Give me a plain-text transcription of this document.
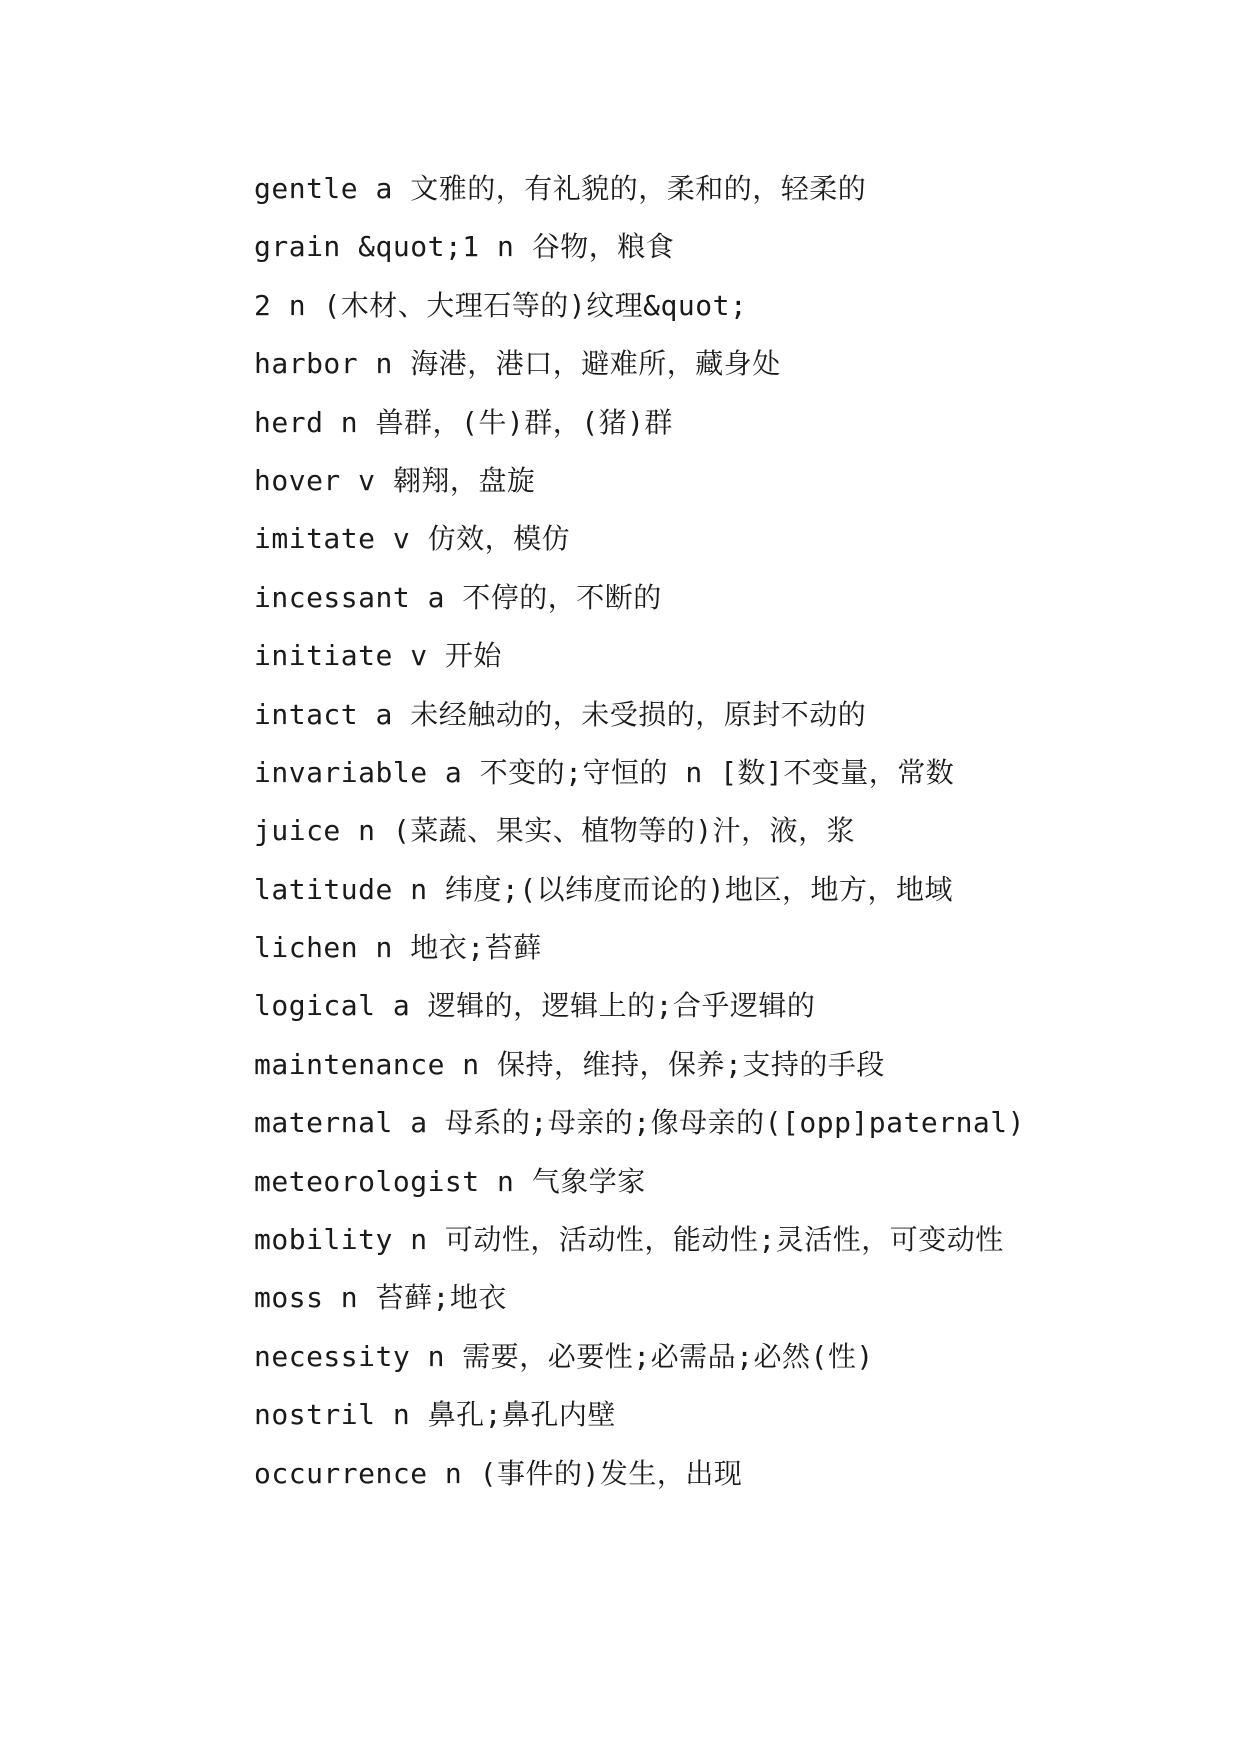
gentle a 文雅的，有礼貌的，柔和的，轻柔的
grain &quot;1 n 谷物，粮食
2 n (木材、大理石等的)纹理&quot;
harbor n 海港，港口，避难所，藏身处
herd n 兽群，(牛)群，(猪)群
hover v 翱翔，盘旋
imitate v 仿效，模仿
incessant a 不停的，不断的
initiate v 开始
intact a 未经触动的，未受损的，原封不动的
invariable a 不变的;守恒的 n [数]不变量，常数
juice n (菜蔬、果实、植物等的)汁，液，浆
latitude n 纬度;(以纬度而论的)地区，地方，地域
lichen n 地衣;苔藓
logical a 逻辑的，逻辑上的;合乎逻辑的
maintenance n 保持，维持，保养;支持的手段
maternal a 母系的;母亲的;像母亲的([opp]paternal)
meteorologist n 气象学家
mobility n 可动性，活动性，能动性;灵活性，可变动性
moss n 苔藓;地衣
necessity n 需要，必要性;必需品;必然(性)
nostril n 鼻孔;鼻孔内壁
occurrence n (事件的)发生，出现
